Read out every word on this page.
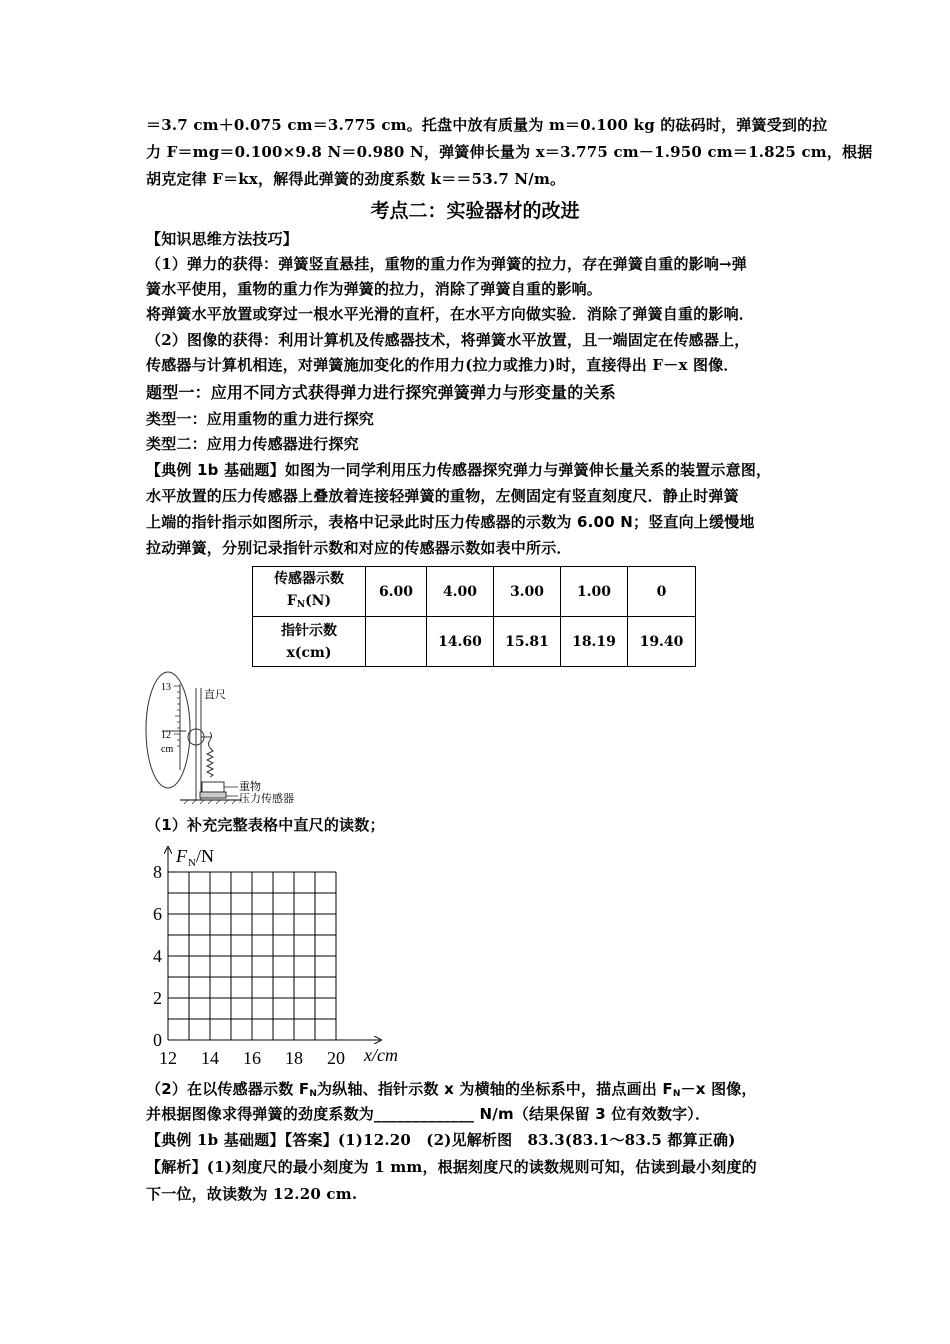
＝3.7 cm＋0.075 cm＝3.775 cm。托盘中放有质量为 m＝0.100 kg 的砝码时，弹簧受到的拉
力 F＝mg＝0.100×9.8 N＝0.980 N，弹簧伸长量为 x＝3.775 cm－1.950 cm＝1.825 cm，根据
胡克定律 F＝kx，解得此弹簧的劲度系数 k＝＝53.7 N/m。
考点二：实验器材的改进
【知识思维方法技巧】
（1）弹力的获得：弹簧竖直悬挂，重物的重力作为弹簧的拉力，存在弹簧自重的影响→弹
簧水平使用，重物的重力作为弹簧的拉力，消除了弹簧自重的影响。
将弹簧水平放置或穿过一根水平光滑的直杆，在水平方向做实验．消除了弹簧自重的影响．
（2）图像的获得：利用计算机及传感器技术，将弹簧水平放置，且一端固定在传感器上，
传感器与计算机相连，对弹簧施加变化的作用力(拉力或推力)时，直接得出 F－x 图像．
题型一：应用不同方式获得弹力进行探究弹簧弹力与形变量的关系
类型一：应用重物的重力进行探究
类型二：应用力传感器进行探究
【典例 1b 基础题】如图为一同学利用压力传感器探究弹力与弹簧伸长量关系的装置示意图，
水平放置的压力传感器上叠放着连接轻弹簧的重物，左侧固定有竖直刻度尺．静止时弹簧
上端的指针指示如图所示，表格中记录此时压力传感器的示数为 6.00 N；竖直向上缓慢地
拉动弹簧，分别记录指针示数和对应的传感器示数如表中所示．
传感器示数
$F_N(N)$	6.00	4.00	3.00	1.00	0
指针示数
x(cm)		14.60	15.81	18.19	19.40
13
12
cm
直尺
重物
压力传感器
（1）补充完整表格中直尺的读数；
F N /N
x/cm
0
2
4
6
8
12 14 16 18 20
（2）在以传感器示数 $F_N$为纵轴、指针示数 x 为横轴的坐标系中，描点画出 $F_N-x$ 图像，
并根据图像求得弹簧的劲度系数为_____________ N/m（结果保留 3 位有效数字）．
【典例 1b 基础题】【答案】(1)12.20　(2)见解析图　83.3(83.1～83.5 都算正确)
【解析】(1)刻度尺的最小刻度为 1 mm，根据刻度尺的读数规则可知，估读到最小刻度的
下一位，故读数为 12.20 cm.
